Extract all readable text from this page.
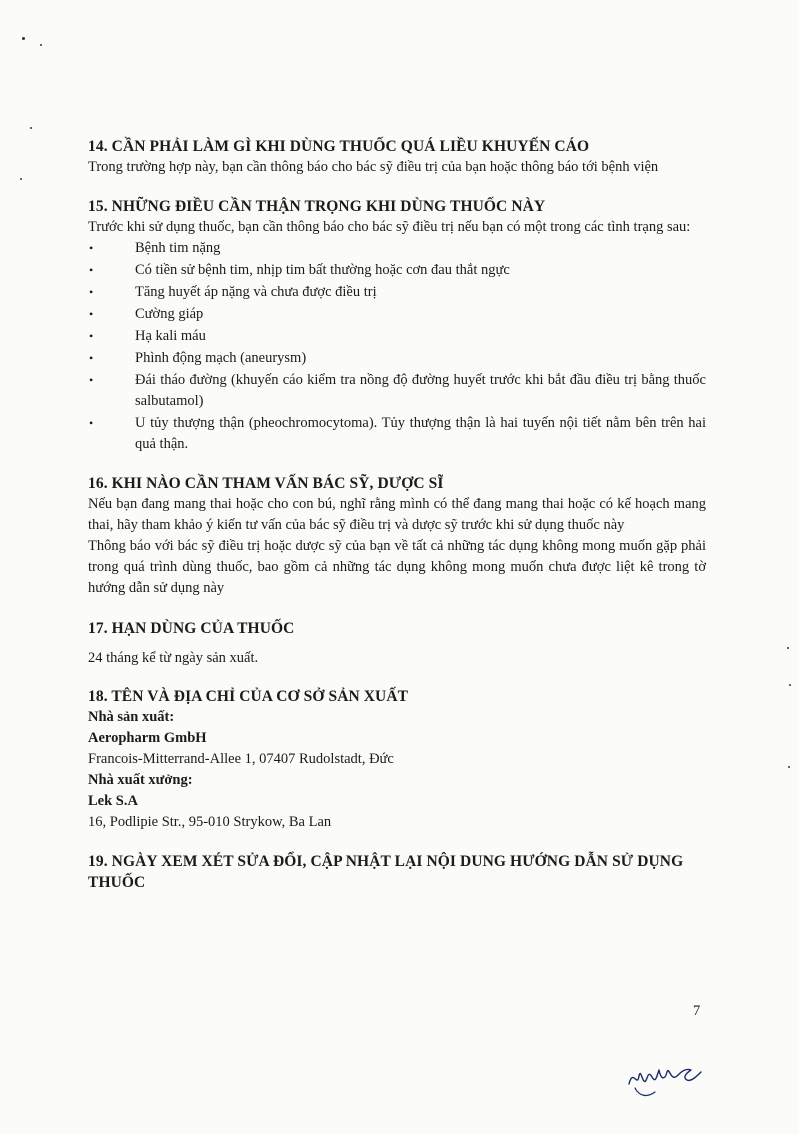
14. CẦN PHẢI LÀM GÌ KHI DÙNG THUỐC QUÁ LIỀU KHUYẾN CÁO

Trong trường hợp này, bạn cần thông báo cho bác sỹ điều trị của bạn hoặc thông báo tới bệnh viện

15. NHỮNG ĐIỀU CẦN THẬN TRỌNG KHI DÙNG THUỐC NÀY

Trước khi sử dụng thuốc, bạn cần thông báo cho bác sỹ điều trị nếu bạn có một trong các tình trạng sau:

•	Bệnh tim nặng
•	Có tiền sử bệnh tim, nhịp tim bất thường hoặc cơn đau thắt ngực
•	Tăng huyết áp nặng và chưa được điều trị
•	Cường giáp
•	Hạ kali máu
•	Phình động mạch (aneurysm)
•	Đái tháo đường (khuyến cáo kiểm tra nồng độ đường huyết trước khi bắt đầu điều trị bằng thuốc salbutamol)
•	U tủy thượng thận (pheochromocytoma). Tủy thượng thận là hai tuyến nội tiết nằm bên trên hai quả thận.

16. KHI NÀO CẦN THAM VẤN BÁC SỸ, DƯỢC SĨ

Nếu bạn đang mang thai hoặc cho con bú, nghĩ rằng mình có thể đang mang thai hoặc có kế hoạch mang thai, hãy tham khảo ý kiến tư vấn của bác sỹ điều trị và dược sỹ trước khi sử dụng thuốc này

Thông báo với bác sỹ điều trị hoặc dược sỹ của bạn về tất cả những tác dụng không mong muốn gặp phải trong quá trình dùng thuốc, bao gồm cả những tác dụng không mong muốn chưa được liệt kê trong tờ hướng dẫn sử dụng này

17. HẠN DÙNG CỦA THUỐC

24 tháng kể từ ngày sản xuất.

18. TÊN VÀ ĐỊA CHỈ CỦA CƠ SỞ SẢN XUẤT

Nhà sản xuất:

Aeropharm GmbH

Francois-Mitterrand-Allee 1, 07407 Rudolstadt, Đức

Nhà xuất xưởng:

Lek S.A

16, Podlipie Str., 95-010 Strykow, Ba Lan

19. NGÀY XEM XÉT SỬA ĐỔI, CẬP NHẬT LẠI NỘI DUNG HƯỚNG DẪN SỬ DỤNG THUỐC

7
